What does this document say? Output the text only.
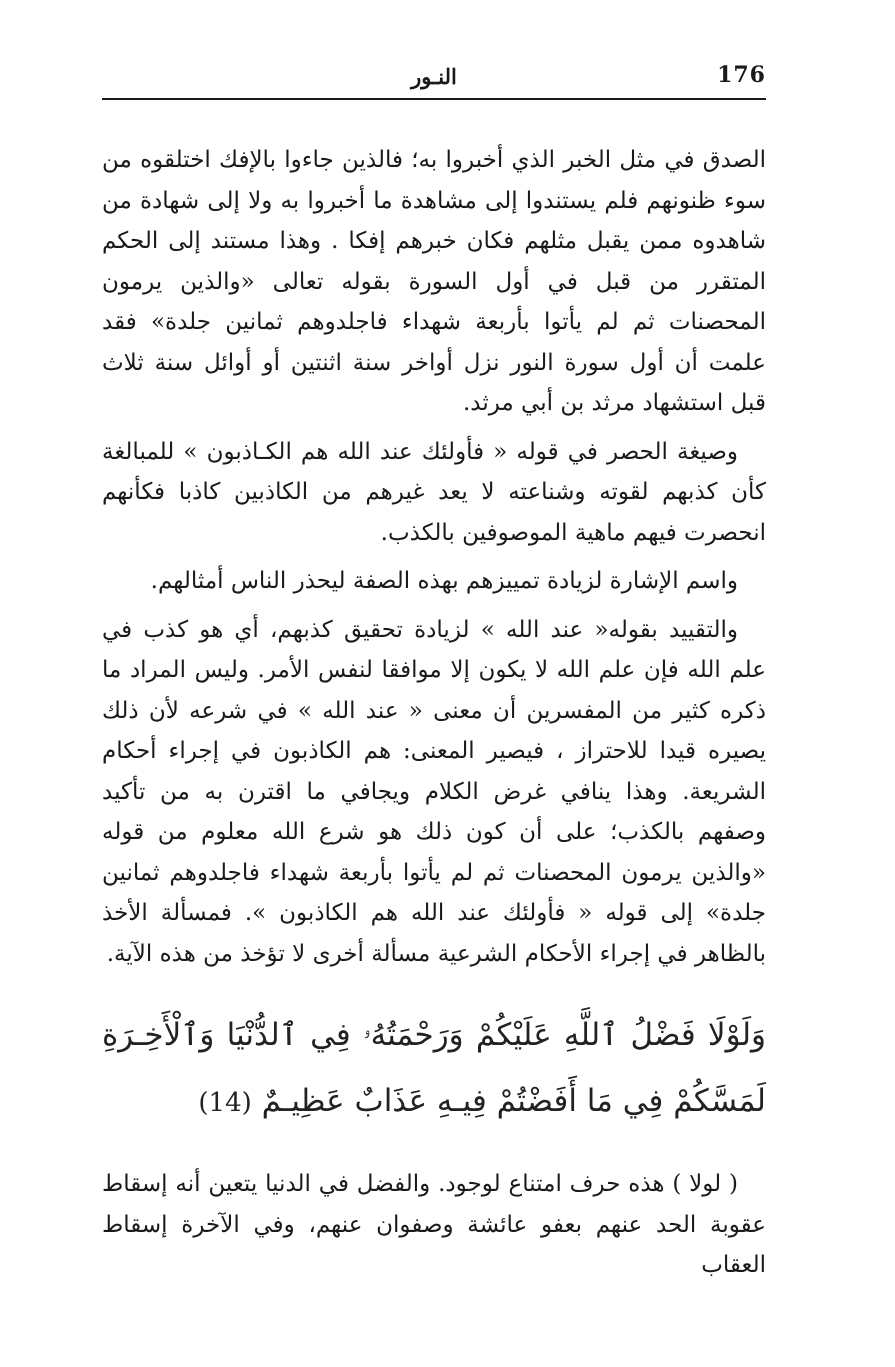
176
النـور

الصدق في مثل الخبر الذي أخبروا به؛ فالذين جاءوا بالإفك اختلقوه من سوء ظنونهم فلم يستندوا إلى مشاهدة ما أخبروا به ولا إلى شهادة من شاهدوه ممن يقبل مثلهم فكان خبرهم إفكا . وهذا مستند إلى الحكم المتقرر من قبل في أول السورة بقوله تعالى «والذين يرمون المحصنات ثم لم يأتوا بأربعة شهداء فاجلدوهم ثمانين جلدة» فقد علمت أن أول سورة النور نزل أواخر سنة اثنتين أو أوائل سنة ثلاث قبل استشهاد مرثد بن أبي مرثد.

وصيغة الحصر في قوله « فأولئك عند الله هم الكـاذبون » للمبالغة كأن كذبهم لقوته وشناعته لا يعد غيرهم من الكاذبين كاذبا فكأنهم انحصرت فيهم ماهية الموصوفين بالكذب.

واسم الإشارة لزيادة تمييزهم بهذه الصفة ليحذر الناس أمثالهم.

والتقييد بقوله« عند الله » لزيادة تحقيق كذبهم، أي هو كذب في علم الله فإن علم الله لا يكون إلا موافقا لنفس الأمر. وليس المراد ما ذكره كثير من المفسرين أن معنى « عند الله » في شرعه لأن ذلك يصيره قيدا للاحتراز ، فيصير المعنى: هم الكاذبون في إجراء أحكام الشريعة. وهذا ينافي غرض الكلام ويجافي ما اقترن به من تأكيد وصفهم بالكذب؛ على أن كون ذلك هو شرع الله معلوم من قوله «والذين يرمون المحصنات ثم لم يأتوا بأربعة شهداء فاجلدوهم ثمانين جلدة» إلى قوله « فأولئك عند الله هم الكاذبون ». فمسألة الأخذ بالظاهر في إجراء الأحكام الشرعية مسألة أخرى لا تؤخذ من هذه الآية.

وَلَوْلَا فَضْلُ ٱللَّهِ عَلَيْكُمْ وَرَحْمَتُهُۥ فِي ٱلدُّنْيَا وَٱلْأَخِـرَةِ لَمَسَّكُمْ فِي مَا أَفَضْتُمْ فِيـهِ عَذَابٌ عَظِيـمٌ (14)

( لولا ) هذه حرف امتناع لوجود. والفضل في الدنيا يتعين أنه إسقاط عقوبة الحد عنهم بعفو عائشة وصفوان عنهم، وفي الآخرة إسقاط العقاب
